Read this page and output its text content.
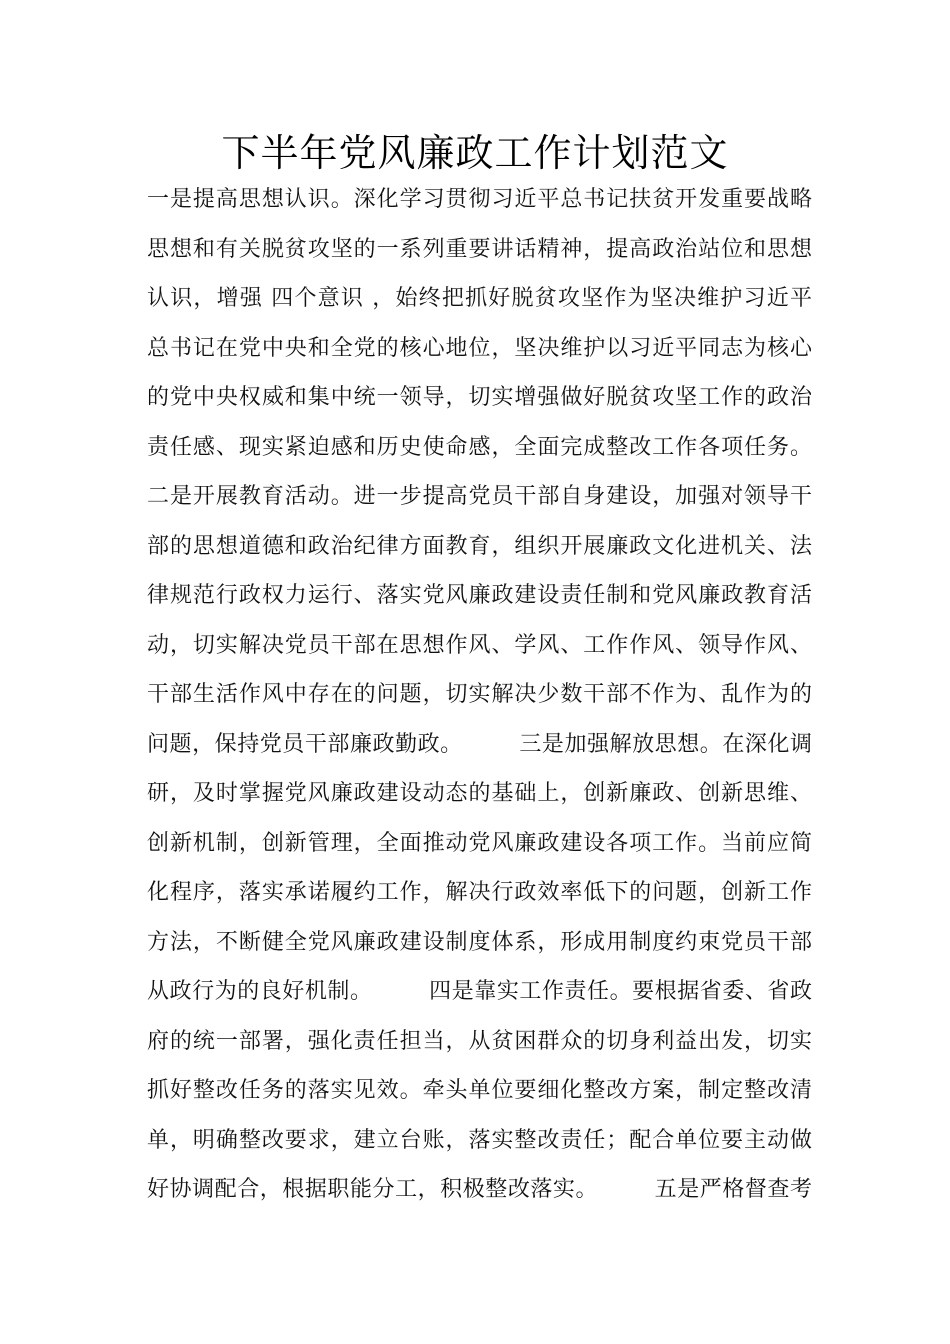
下半年党风廉政工作计划范文
一是提高思想认识。深化学习贯彻习近平总书记扶贫开发重要战略
思想和有关脱贫攻坚的一系列重要讲话精神，提高政治站位和思想
认识，增强 四个意识 ，始终把抓好脱贫攻坚作为坚决维护习近平
总书记在党中央和全党的核心地位，坚决维护以习近平同志为核心
的党中央权威和集中统一领导，切实增强做好脱贫攻坚工作的政治
责任感、现实紧迫感和历史使命感，全面完成整改工作各项任务。
二是开展教育活动。进一步提高党员干部自身建设，加强对领导干
部的思想道德和政治纪律方面教育，组织开展廉政文化进机关、法
律规范行政权力运行、落实党风廉政建设责任制和党风廉政教育活
动，切实解决党员干部在思想作风、学风、工作作风、领导作风、
干部生活作风中存在的问题，切实解决少数干部不作为、乱作为的
问题，保持党员干部廉政勤政。　　　三是加强解放思想。在深化调
研，及时掌握党风廉政建设动态的基础上，创新廉政、创新思维、
创新机制，创新管理，全面推动党风廉政建设各项工作。当前应简
化程序，落实承诺履约工作，解决行政效率低下的问题，创新工作
方法，不断健全党风廉政建设制度体系，形成用制度约束党员干部
从政行为的良好机制。　　　四是靠实工作责任。要根据省委、省政
府的统一部署，强化责任担当，从贫困群众的切身利益出发，切实
抓好整改任务的落实见效。牵头单位要细化整改方案，制定整改清
单，明确整改要求，建立台账，落实整改责任；配合单位要主动做
好协调配合，根据职能分工，积极整改落实。　　　五是严格督查考
